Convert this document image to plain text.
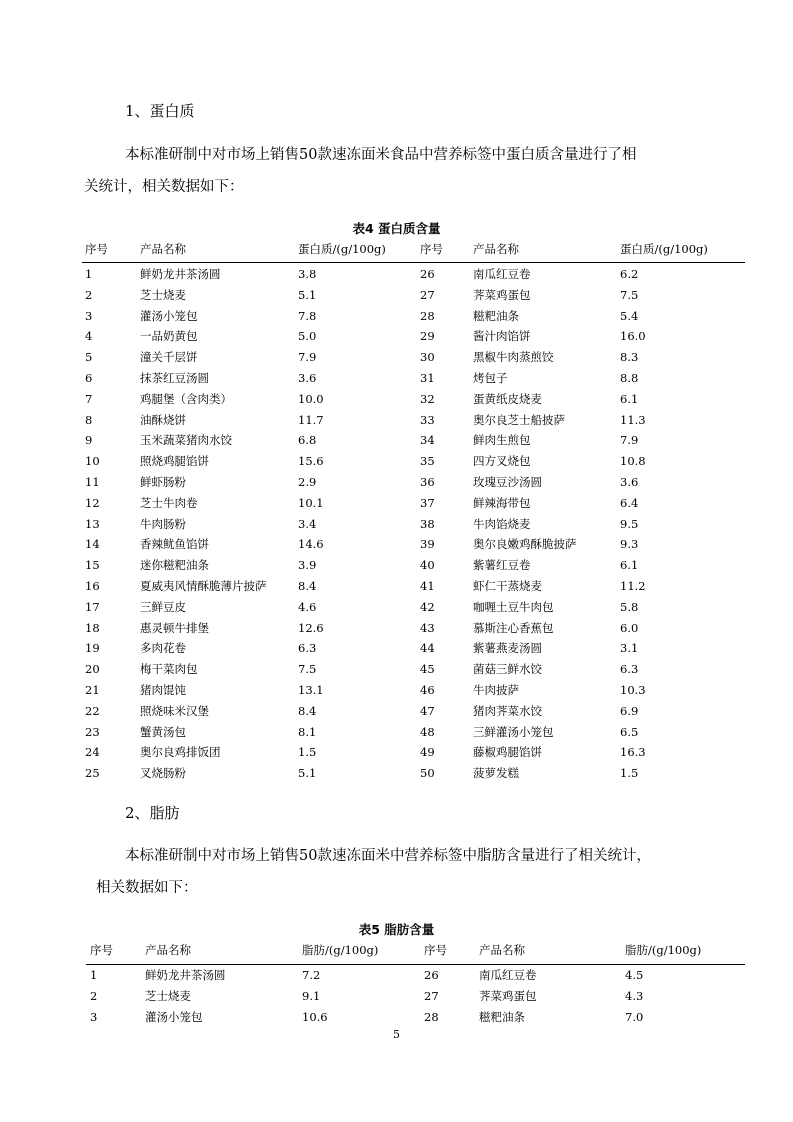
1、蛋白质
本标准研制中对市场上销售50款速冻面米食品中营养标签中蛋白质含量进行了相
关统计，相关数据如下：
表4 蛋白质含量
序号	产品名称	蛋白质/(g/100g)	序号	产品名称	蛋白质/(g/100g)
1	鲜奶龙井茶汤圆	3.8	26	南瓜红豆卷	6.2
2	芝士烧麦	5.1	27	荠菜鸡蛋包	7.5
3	灌汤小笼包	7.8	28	糍粑油条	5.4
4	一品奶黄包	5.0	29	酱汁肉馅饼	16.0
5	潼关千层饼	7.9	30	黑椒牛肉蒸煎饺	8.3
6	抹茶红豆汤圆	3.6	31	烤包子	8.8
7	鸡腿堡（含肉类）	10.0	32	蛋黄纸皮烧麦	6.1
8	油酥烧饼	11.7	33	奥尔良芝士船披萨	11.3
9	玉米蔬菜猪肉水饺	6.8	34	鲜肉生煎包	7.9
10	照烧鸡腿馅饼	15.6	35	四方叉烧包	10.8
11	鲜虾肠粉	2.9	36	玫瑰豆沙汤圆	3.6
12	芝士牛肉卷	10.1	37	鲜辣海带包	6.4
13	牛肉肠粉	3.4	38	牛肉馅烧麦	9.5
14	香辣鱿鱼馅饼	14.6	39	奥尔良嫩鸡酥脆披萨	9.3
15	迷你糍粑油条	3.9	40	紫薯红豆卷	6.1
16	夏威夷风情酥脆薄片披萨	8.4	41	虾仁干蒸烧麦	11.2
17	三鲜豆皮	4.6	42	咖喱土豆牛肉包	5.8
18	惠灵顿牛排堡	12.6	43	慕斯注心香蕉包	6.0
19	多肉花卷	6.3	44	紫薯燕麦汤圆	3.1
20	梅干菜肉包	7.5	45	菌菇三鲜水饺	6.3
21	猪肉馄饨	13.1	46	牛肉披萨	10.3
22	照烧味米汉堡	8.4	47	猪肉荠菜水饺	6.9
23	蟹黄汤包	8.1	48	三鲜灌汤小笼包	6.5
24	奥尔良鸡排饭团	1.5	49	藤椒鸡腿馅饼	16.3
25	叉烧肠粉	5.1	50	菠萝发糕	1.5
2、脂肪
本标准研制中对市场上销售50款速冻面米中营养标签中脂肪含量进行了相关统计，
相关数据如下：
表5 脂肪含量
序号	产品名称	脂肪/(g/100g)	序号	产品名称	脂肪/(g/100g)
1	鲜奶龙井茶汤圆	7.2	26	南瓜红豆卷	4.5
2	芝士烧麦	9.1	27	荠菜鸡蛋包	4.3
3	灌汤小笼包	10.6	28	糍粑油条	7.0
5
